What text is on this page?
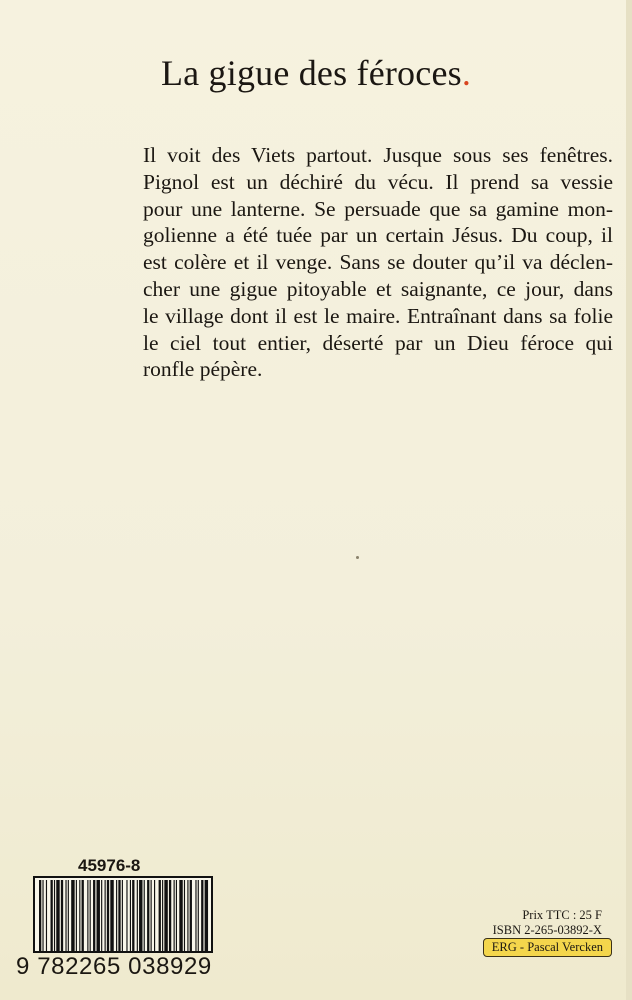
La gigue des féroces.

Il voit des Viets partout. Jusque sous ses fenêtres.
Pignol est un déchiré du vécu. Il prend sa vessie
pour une lanterne. Se persuade que sa gamine mon-
golienne a été tuée par un certain Jésus. Du coup, il
est colère et il venge. Sans se douter qu’il va déclen-
cher une gigue pitoyable et saignante, ce jour, dans
le village dont il est le maire. Entraînant dans sa folie
le ciel tout entier, déserté par un Dieu féroce qui
ronfle pépère.

45976-8
9 782265 038929
Prix TTC : 25 F
ISBN 2-265-03892-X
ERG - Pascal Vercken
